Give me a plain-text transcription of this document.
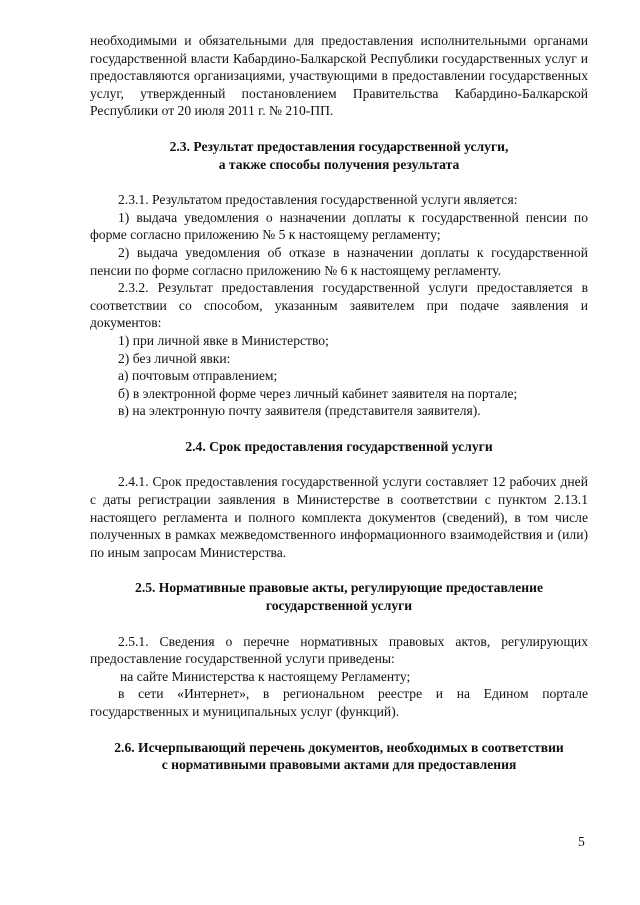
необходимыми и обязательными для предоставления исполнительными органами государственной власти Кабардино-Балкарской Республики государственных услуг и предоставляются организациями, участвующими в предоставлении государственных услуг, утвержденный постановлением Правительства Кабардино-Балкарской Республики от 20 июля 2011 г. № 210-ПП.

2.3. Результат предоставления государственной услуги,
а также способы получения результата

2.3.1. Результатом предоставления государственной услуги является:

1) выдача уведомления о назначении доплаты к государственной пенсии по форме согласно приложению № 5 к настоящему регламенту;

2) выдача уведомления об отказе в назначении доплаты к государственной пенсии по форме согласно приложению № 6 к настоящему регламенту.

2.3.2. Результат предоставления государственной услуги предоставляется в соответствии со способом, указанным заявителем при подаче заявления и документов:

1) при личной явке в Министерство;

2) без личной явки:

а) почтовым отправлением;

б) в электронной форме через личный кабинет заявителя на портале;

в) на электронную почту заявителя (представителя заявителя).

2.4. Срок предоставления государственной услуги

2.4.1. Срок предоставления государственной услуги составляет 12 рабочих дней с даты регистрации заявления в Министерстве в соответствии с пунктом 2.13.1 настоящего регламента и полного комплекта документов (сведений), в том числе полученных в рамках межведомственного информационного взаимодействия и (или) по иным запросам Министерства.

2.5. Нормативные правовые акты, регулирующие предоставление
государственной услуги

2.5.1. Сведения о перечне нормативных правовых актов, регулирующих предоставление государственной услуги приведены:

на сайте Министерства к настоящему Регламенту;

в сети «Интернет», в региональном реестре и на Едином портале государственных и муниципальных услуг (функций).

2.6. Исчерпывающий перечень документов, необходимых в соответствии
с нормативными правовыми актами для предоставления
5
